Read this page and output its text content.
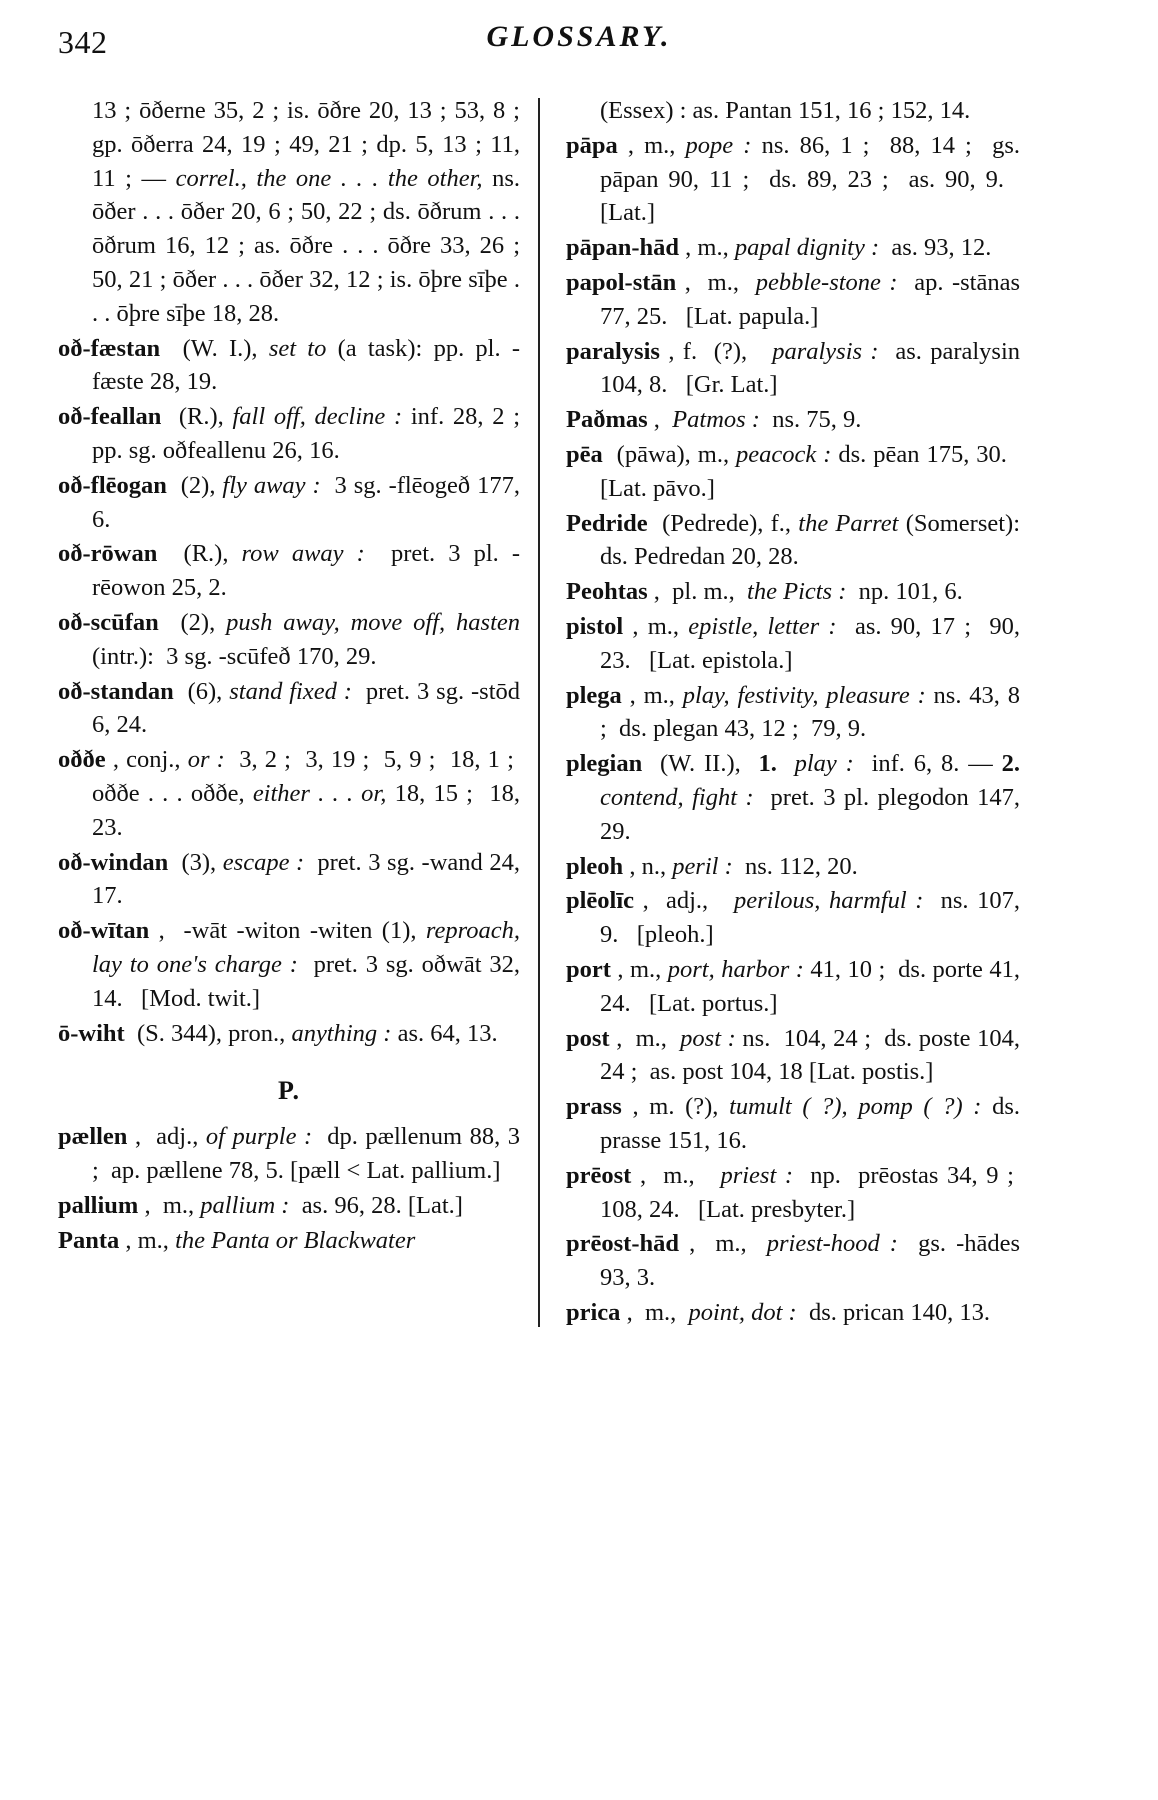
342	GLOSSARY.
13 ; ōðerne 35, 2 ; is. ōðre 20, 13 ; 53, 8 ; gp. ōðerra 24, 19 ; 49, 21 ; dp. 5, 13 ; 11, 11 ; — correl., the one . . . the other, ns. ōðer . . . ōðer 20, 6 ; 50, 22 ; ds. ōðrum . . . ōðrum 16, 12 ; as. ōðre . . . ōðre 33, 26 ; 50, 21 ; ōðer . . . ōðer 32, 12 ; is. ōþre sīþe . . . ōþre sīþe 18, 28.
oð-fæstan  (W. I.), set to (a task): pp. pl. -fæste 28, 19.
oð-feallan  (R.), fall off, decline : inf. 28, 2 ; pp. sg. oðfeallenu 26, 16.
oð-flēogan  (2), fly away :  3 sg. -flēogeð 177, 6.
oð-rōwan  (R.), row away :  pret. 3 pl. -rēowon 25, 2.
oð-scūfan  (2), push away, move off, hasten (intr.):  3 sg. -scūfeð 170, 29.
oð-standan  (6), stand fixed :  pret. 3 sg. -stōd 6, 24.
oððe , conj., or :  3, 2 ;  3, 19 ;  5, 9 ;  18, 1 ;  oððe . . . oððe, either . . . or, 18, 15 ;  18, 23.
oð-windan  (3), escape :  pret. 3 sg. -wand 24, 17.
oð-wītan ,  -wāt -witon -witen (1), reproach, lay to one's charge :  pret. 3 sg. oðwāt 32, 14.   [Mod. twit.]
ō-wiht  (S. 344), pron., anything : as. 64, 13.
P.
pællen ,  adj., of purple :  dp. pællenum 88, 3 ;  ap. pællene 78, 5. [pæll < Lat. pallium.]
pallium ,  m., pallium :  as. 96, 28. [Lat.]
Panta , m., the Panta or Blackwater
(Essex) : as. Pantan 151, 16 ; 152, 14.
pāpa , m., pope : ns. 86, 1 ;  88, 14 ;  gs. pāpan 90, 11 ;  ds. 89, 23 ;  as. 90, 9.   [Lat.]
pāpan-hād , m., papal dignity :  as. 93, 12.
papol-stān ,  m.,  pebble-stone :  ap. -stānas 77, 25.   [Lat. papula.]
paralysis , f.  (?),   paralysis :  as. paralysin 104, 8.   [Gr. Lat.]
Paðmas ,  Patmos :  ns. 75, 9.
pēa  (pāwa), m., peacock : ds. pēan 175, 30.   [Lat. pāvo.]
Pedride  (Pedrede), f., the Parret (Somerset): ds. Pedredan 20, 28.
Peohtas ,  pl. m.,  the Picts :  np. 101, 6.
pistol , m., epistle, letter :  as. 90, 17 ;  90, 23.   [Lat. epistola.]
plega , m., play, festivity, pleasure : ns. 43, 8 ;  ds. plegan 43, 12 ;  79, 9.
plegian  (W. II.),  1. play :  inf. 6, 8. — 2. contend, fight :  pret. 3 pl. plegodon 147, 29.
pleoh , n., peril :  ns. 112, 20.
plēolīc ,  adj.,   perilous, harmful :  ns. 107, 9.   [pleoh.]
port , m., port, harbor : 41, 10 ;  ds. porte 41, 24.   [Lat. portus.]
post ,  m.,  post : ns.  104, 24 ;  ds. poste 104, 24 ;  as. post 104, 18 [Lat. postis.]
prass , m. (?), tumult ( ?), pomp ( ?) : ds. prasse 151, 16.
prēost ,  m.,   priest :  np.  prēostas 34, 9 ;  108, 24.   [Lat. presbyter.]
prēost-hād ,  m.,  priest-hood :  gs. -hādes 93, 3.
prica ,  m.,  point, dot :  ds. prican 140, 13.
